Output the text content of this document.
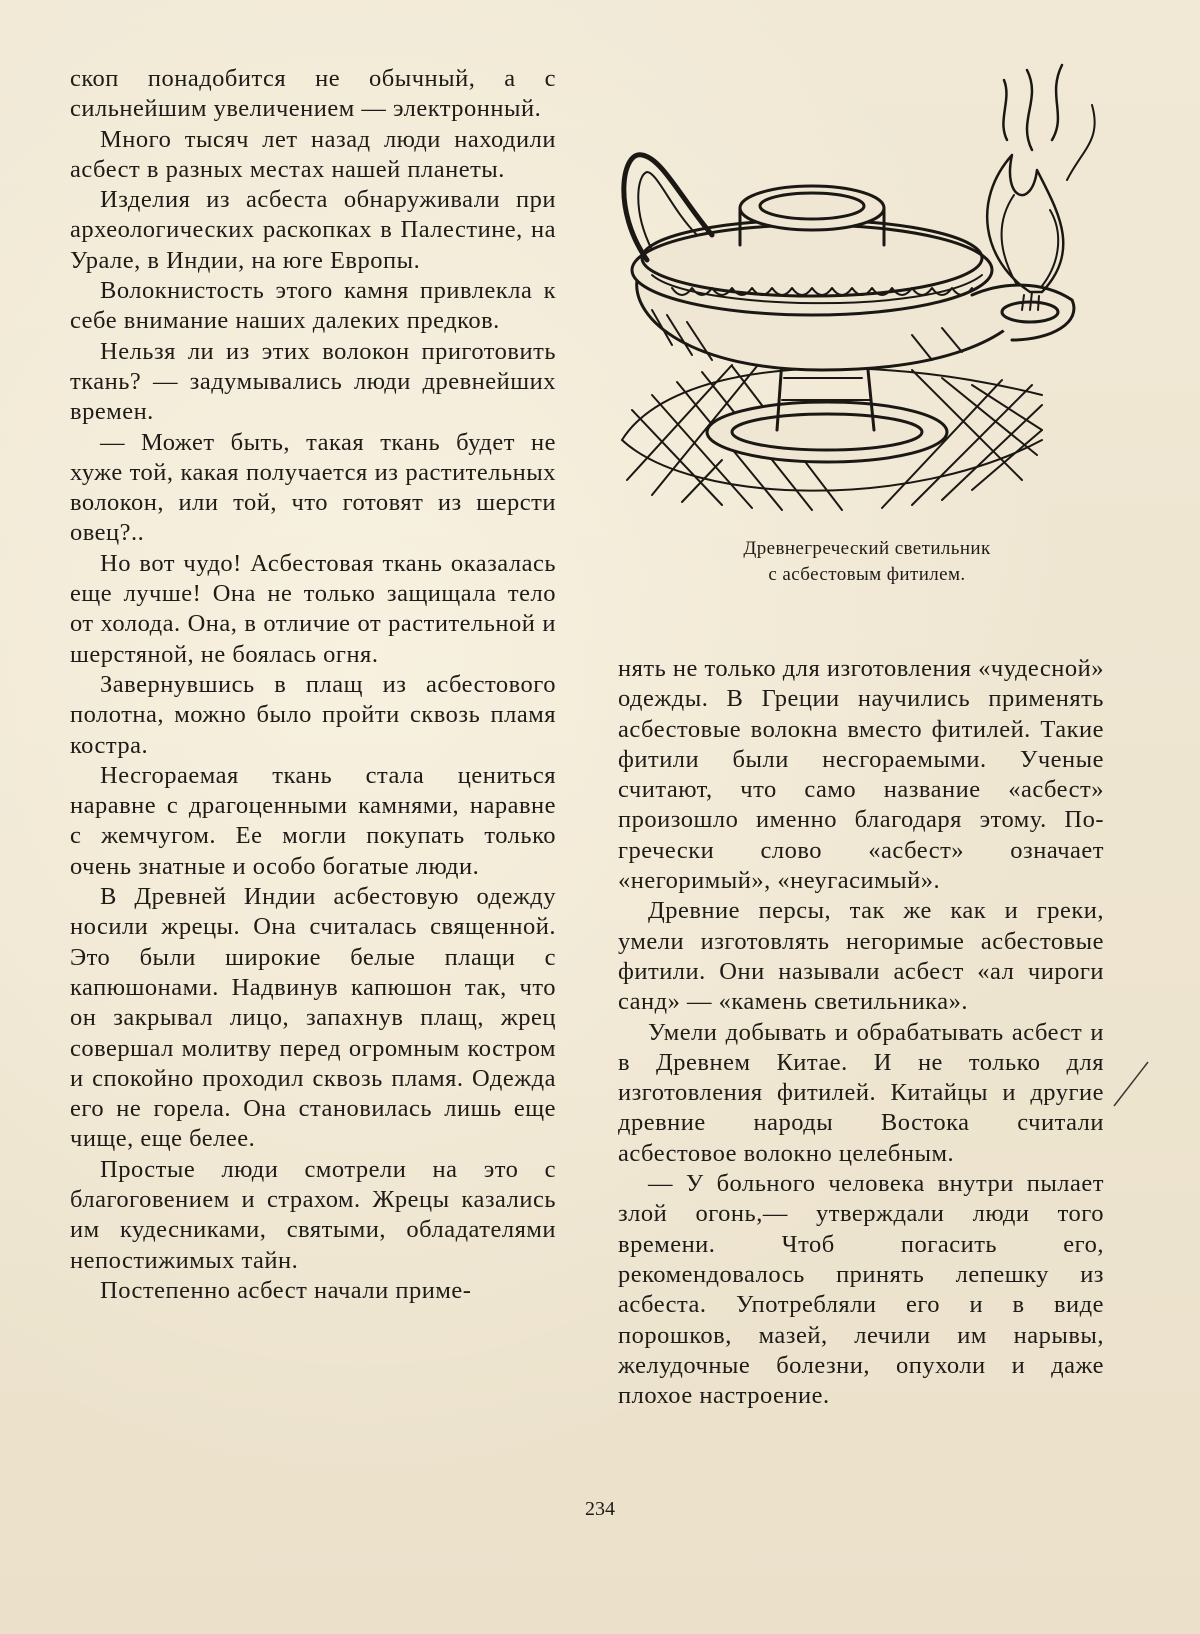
скоп понадобится не обычный, а с сильнейшим увеличением — электронный.

Много тысяч лет назад люди находили асбест в разных местах нашей планеты.

Изделия из асбеста обнаруживали при археологических раскопках в Палестине, на Урале, в Индии, на юге Европы.

Волокнистость этого камня привлекла к себе внимание наших далеких предков.

Нельзя ли из этих волокон приготовить ткань? — задумывались люди древнейших времен.

— Может быть, такая ткань будет не хуже той, какая получается из растительных волокон, или той, что готовят из шерсти овец?..

Но вот чудо! Асбестовая ткань оказалась еще лучше! Она не только защищала тело от холода. Она, в отличие от растительной и шерстяной, не боялась огня.

Завернувшись в плащ из асбестового полотна, можно было пройти сквозь пламя костра.

Несгораемая ткань стала цениться наравне с драгоценными камнями, наравне с жемчугом. Ее могли покупать только очень знатные и особо богатые люди.

В Древней Индии асбестовую одежду носили жрецы. Она считалась священной. Это были широкие белые плащи с капюшонами. Надвинув капюшон так, что он закрывал лицо, запахнув плащ, жрец совершал молитву перед огромным костром и спокойно проходил сквозь пламя. Одежда его не горела. Она становилась лишь еще чище, еще белее.

Простые люди смотрели на это с благоговением и страхом. Жрецы казались им кудесниками, святыми, обладателями непостижимых тайн.

Постепенно асбест начали приме-

Древнегреческий светильник
с асбестовым фитилем.

нять не только для изготовления «чудесной» одежды. В Греции научились применять асбестовые волокна вместо фитилей. Такие фитили были несгораемыми. Ученые считают, что само название «асбест» произошло именно благодаря этому. По-гречески слово «асбест» означает «негоримый», «неугасимый».

Древние персы, так же как и греки, умели изготовлять негоримые асбестовые фитили. Они называли асбест «ал чироги санд» — «камень светильника».

Умели добывать и обрабатывать асбест и в Древнем Китае. И не только для изготовления фитилей. Китайцы и другие древние народы Востока считали асбестовое волокно целебным.

— У больного человека внутри пылает злой огонь,— утверждали люди того времени. Чтоб погасить его, рекомендовалось принять лепешку из асбеста. Употребляли его и в виде порошков, мазей, лечили им нарывы, желудочные болезни, опухоли и даже плохое настроение.

234
